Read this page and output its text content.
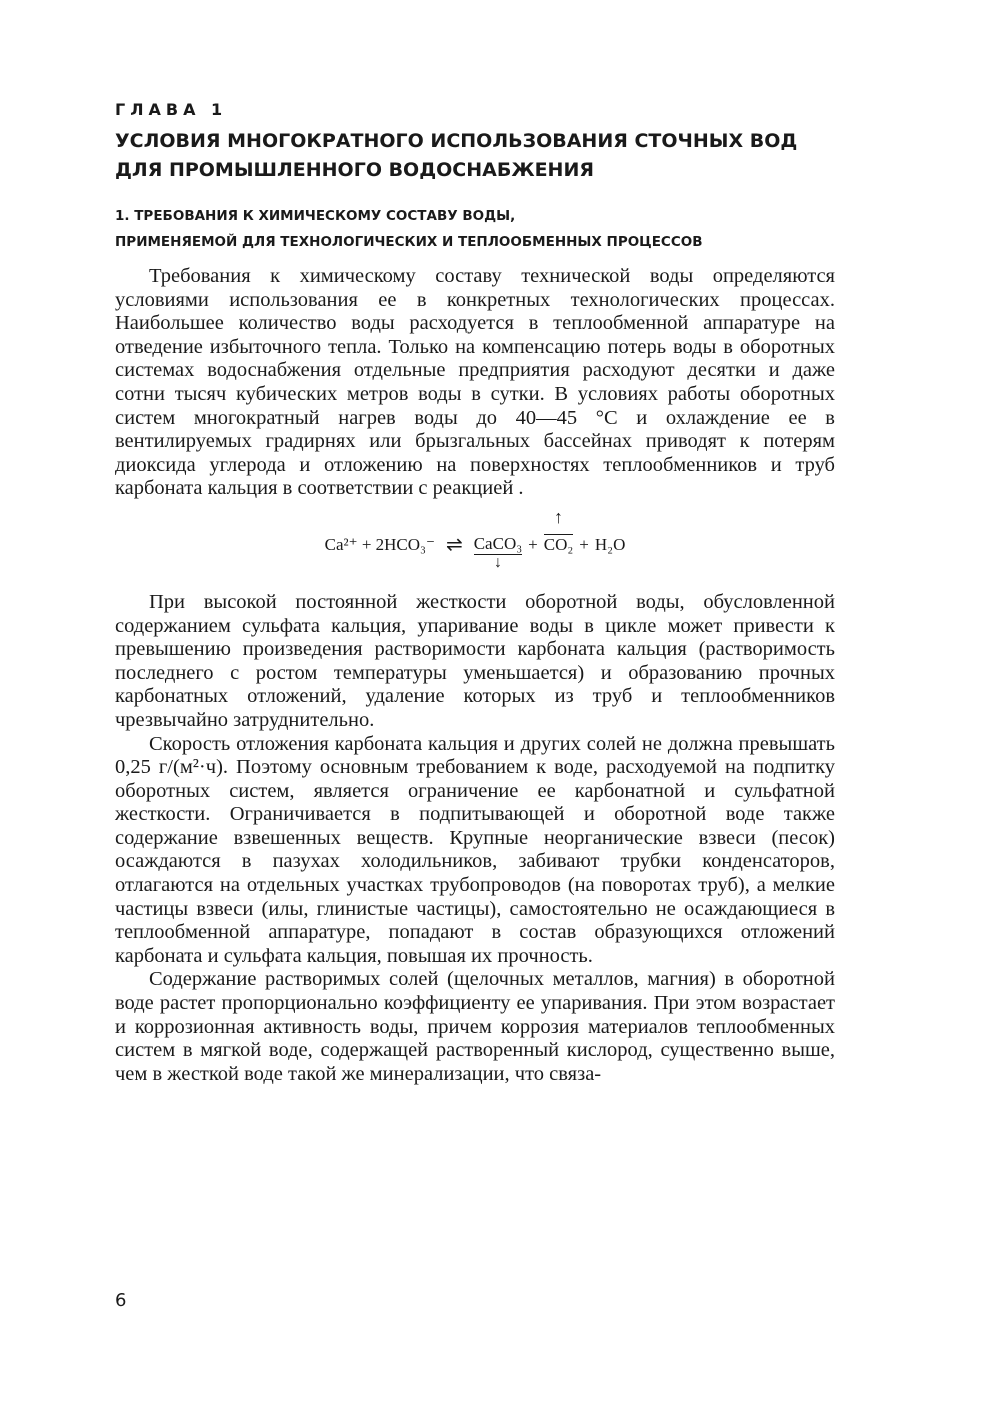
ГЛАВА 1
УСЛОВИЯ МНОГОКРАТНОГО ИСПОЛЬЗОВАНИЯ СТОЧНЫХ ВОД
ДЛЯ ПРОМЫШЛЕННОГО ВОДОСНАБЖЕНИЯ
1. ТРЕБОВАНИЯ К ХИМИЧЕСКОМУ СОСТАВУ ВОДЫ,
ПРИМЕНЯЕМОЙ ДЛЯ ТЕХНОЛОГИЧЕСКИХ И ТЕПЛООБМЕННЫХ ПРОЦЕССОВ

Требования к химическому составу технической воды определяются условиями использования ее в конкретных технологических процессах. Наибольшее количество воды расходуется в теплообменной аппаратуре на отведение избыточного тепла. Только на компенсацию потерь воды в оборотных системах водоснабжения отдельные предприятия расходуют десятки и даже сотни тысяч кубических метров воды в сутки. В условиях работы оборотных систем многократный нагрев воды до 40—45 °С и охлаждение ее в вентилируемых градирнях или брызгальных бассейнах приводят к потерям диоксида углерода и отложению на поверхностях теплообменников и труб карбоната кальция в соответствии с реакцией .

Ca²⁺ + 2HCO₃⁻ ⇌ CaCO₃
↓
+
↑
CO₂ + H₂O

При высокой постоянной жесткости оборотной воды, обусловленной содержанием сульфата кальция, упаривание воды в цикле может привести к превышению произведения растворимости карбоната кальция (растворимость последнего с ростом температуры уменьшается) и образованию прочных карбонатных отложений, удаление которых из труб и теплообменников чрезвычайно затруднительно.

Скорость отложения карбоната кальция и других солей не должна превышать 0,25 г/(м²·ч). Поэтому основным требованием к воде, расходуемой на подпитку оборотных систем, является ограничение ее карбонатной и сульфатной жесткости. Ограничивается в подпитывающей и оборотной воде также содержание взвешенных веществ. Крупные неорганические взвеси (песок) осаждаются в пазухах холодильников, забивают трубки конденсаторов, отлагаются на отдельных участках трубопроводов (на поворотах труб), а мелкие частицы взвеси (илы, глинистые частицы), самостоятельно не осаждающиеся в теплообменной аппаратуре, попадают в состав образующихся отложений карбоната и сульфата кальция, повышая их прочность.

Содержание растворимых солей (щелочных металлов, магния) в оборотной воде растет пропорционально коэффициенту ее упаривания. При этом возрастает и коррозионная активность воды, причем коррозия материалов теплообменных систем в мягкой воде, содержащей растворенный кислород, существенно выше, чем в жесткой воде такой же минерализации, что связа-

6
